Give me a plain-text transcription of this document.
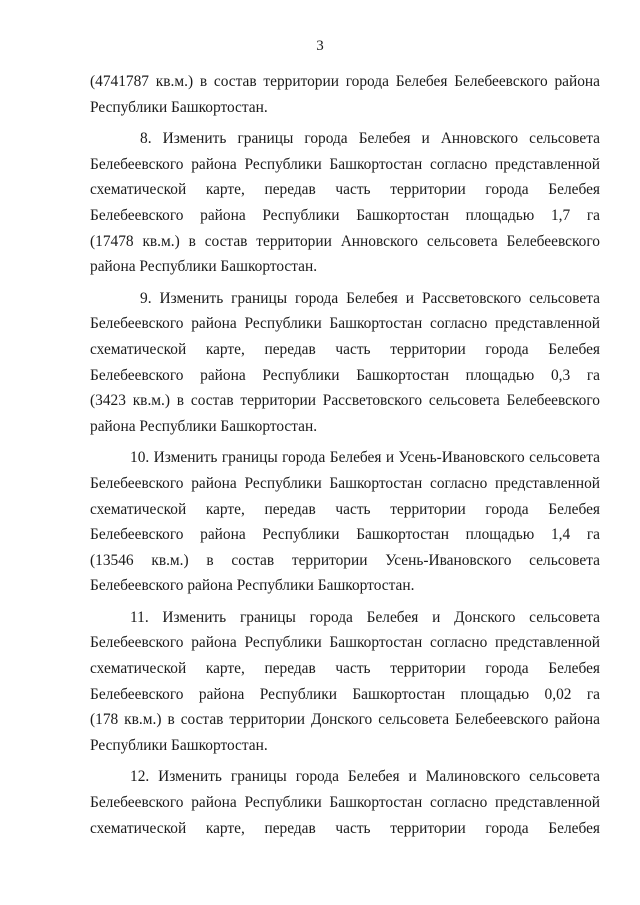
3

(4741787 кв.м.) в состав территории города Белебея Белебеевского района
Республики Башкортостан.

8. Изменить границы города Белебея и Анновского сельсовета
Белебеевского района Республики Башкортостан согласно представленной
схематической карте, передав часть территории города Белебея
Белебеевского района Республики Башкортостан площадью 1,7 га
(17478 кв.м.) в состав территории Анновского сельсовета Белебеевского
района Республики Башкортостан.

9. Изменить границы города Белебея и Рассветовского сельсовета
Белебеевского района Республики Башкортостан согласно представленной
схематической карте, передав часть территории города Белебея
Белебеевского района Республики Башкортостан площадью 0,3 га
(3423 кв.м.) в состав территории Рассветовского сельсовета Белебеевского
района Республики Башкортостан.

10. Изменить границы города Белебея и Усень-Ивановского сельсовета
Белебеевского района Республики Башкортостан согласно представленной
схематической карте, передав часть территории города Белебея
Белебеевского района Республики Башкортостан площадью 1,4 га
(13546 кв.м.) в состав территории Усень-Ивановского сельсовета
Белебеевского района Республики Башкортостан.

11. Изменить границы города Белебея и Донского сельсовета
Белебеевского района Республики Башкортостан согласно представленной
схематической карте, передав часть территории города Белебея
Белебеевского района Республики Башкортостан площадью 0,02 га
(178 кв.м.) в состав территории Донского сельсовета Белебеевского района
Республики Башкортостан.

12. Изменить границы города Белебея и Малиновского сельсовета
Белебеевского района Республики Башкортостан согласно представленной
схематической карте, передав часть территории города Белебея
